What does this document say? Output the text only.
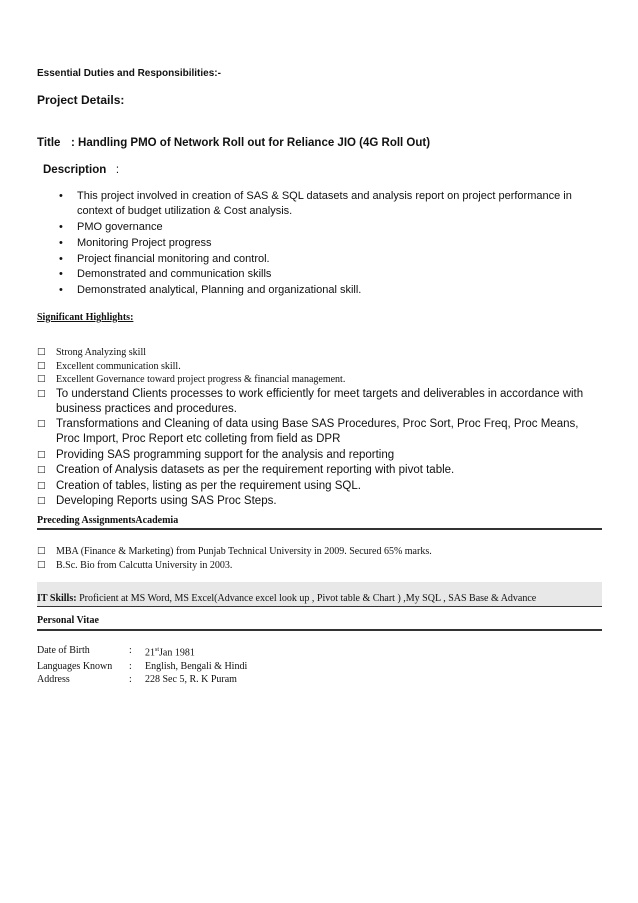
Essential Duties and Responsibilities:-
Project Details:
Title : Handling PMO of Network Roll out for Reliance JIO (4G Roll Out)
Description :
• This project involved in creation of SAS & SQL datasets and analysis report on project performance in context of budget utilization & Cost analysis.
• PMO governance
• Monitoring Project progress
• Project financial monitoring and control.
• Demonstrated and communication skills
• Demonstrated analytical, Planning and organizational skill.
Significant Highlights:
□ Strong Analyzing skill
□ Excellent communication skill.
□ Excellent Governance toward project progress & financial management.
□ To understand Clients processes to work efficiently for meet targets and deliverables in accordance with business practices and procedures.
□ Transformations and Cleaning of data using Base SAS Procedures, Proc Sort, Proc Freq, Proc Means, Proc Import, Proc Report etc colleting from field as DPR
□ Providing SAS programming support for the analysis and reporting
□ Creation of Analysis datasets as per the requirement reporting with pivot table.
□ Creation of tables, listing as per the requirement using SQL.
□ Developing Reports using SAS Proc Steps.
Preceding AssignmentsAcademia
□ MBA (Finance & Marketing) from Punjab Technical University in 2009. Secured 65% marks.
□ B.Sc. Bio from Calcutta University in 2003.
IT Skills: Proficient at MS Word, MS Excel(Advance excel look up , Pivot table & Chart ) ,My SQL , SAS Base & Advance
Personal Vitae
Date of Birth	:	21stJan 1981
Languages Known	:	English, Bengali & Hindi
Address	:	228 Sec 5, R. K Puram
